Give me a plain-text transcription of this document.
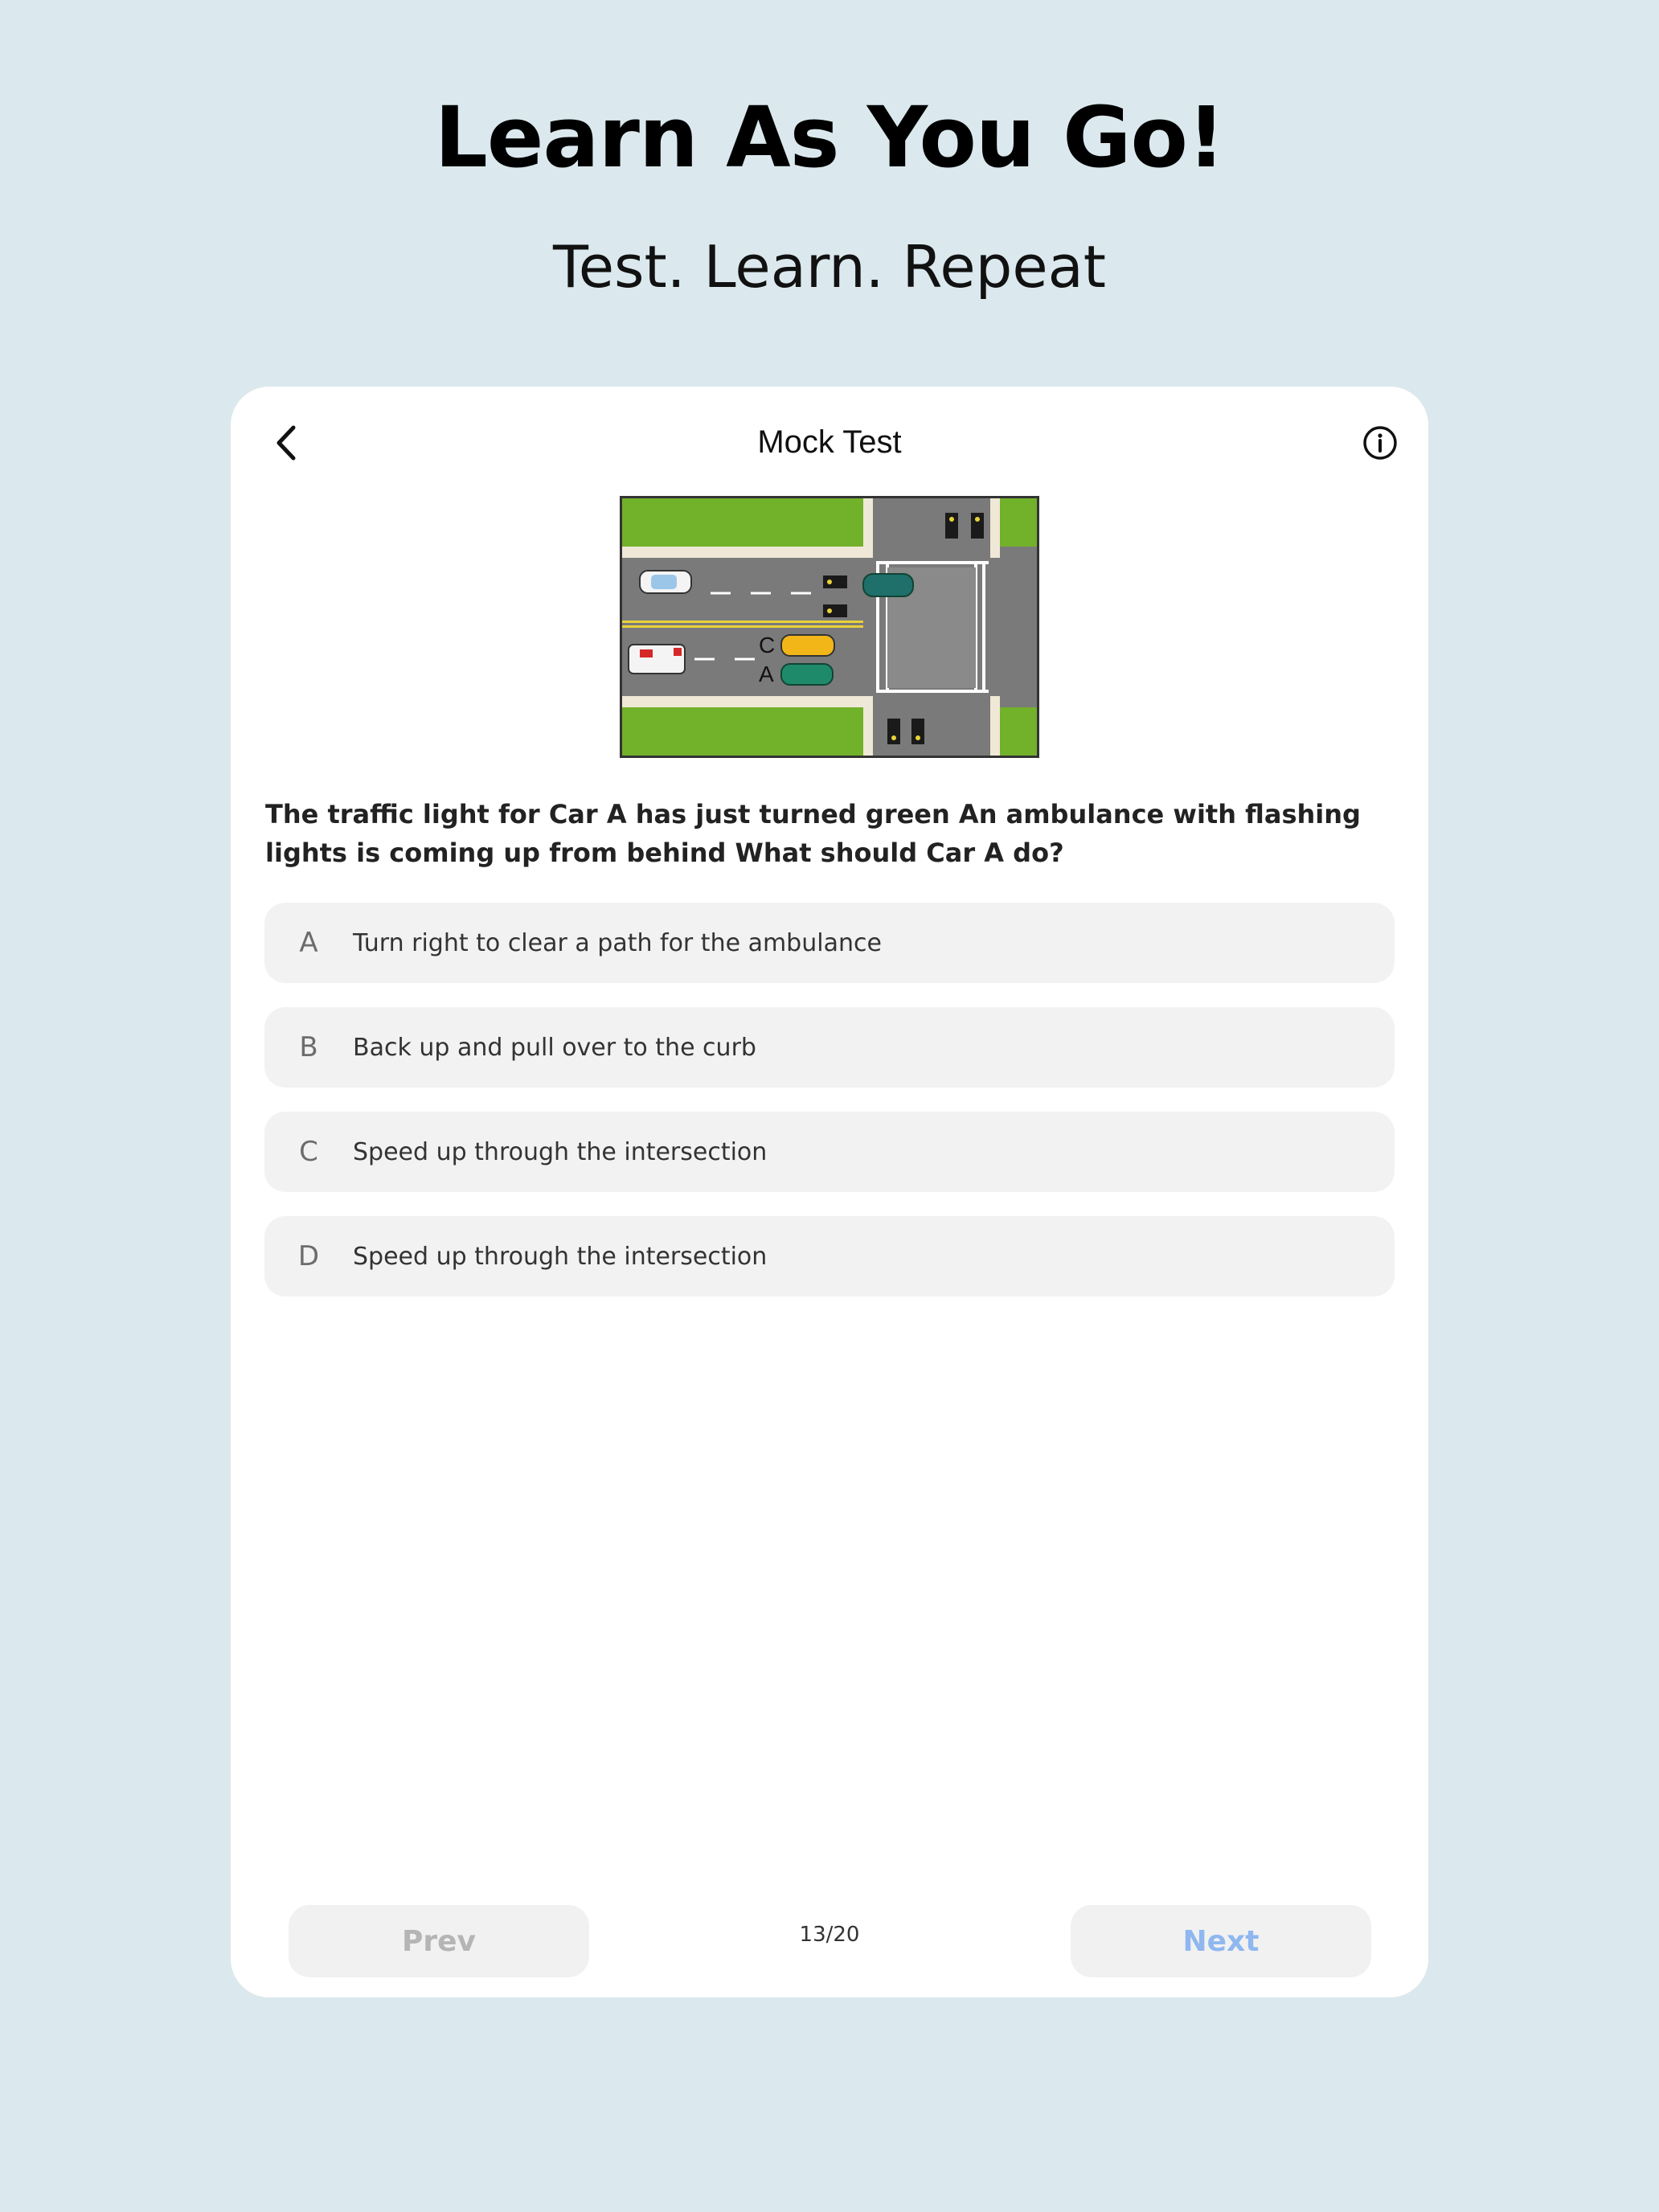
Learn As You Go!

Test. Learn. Repeat

Mock Test
C
A

The traffic light for Car A has just turned green An ambulance with flashing lights is coming up from behind What should Car A do?

A	Turn right to clear a path for the ambulance
B	Back up and pull over to the curb
C	Speed up through the intersection
D	Speed up through the intersection
Prev	13/20	Next
